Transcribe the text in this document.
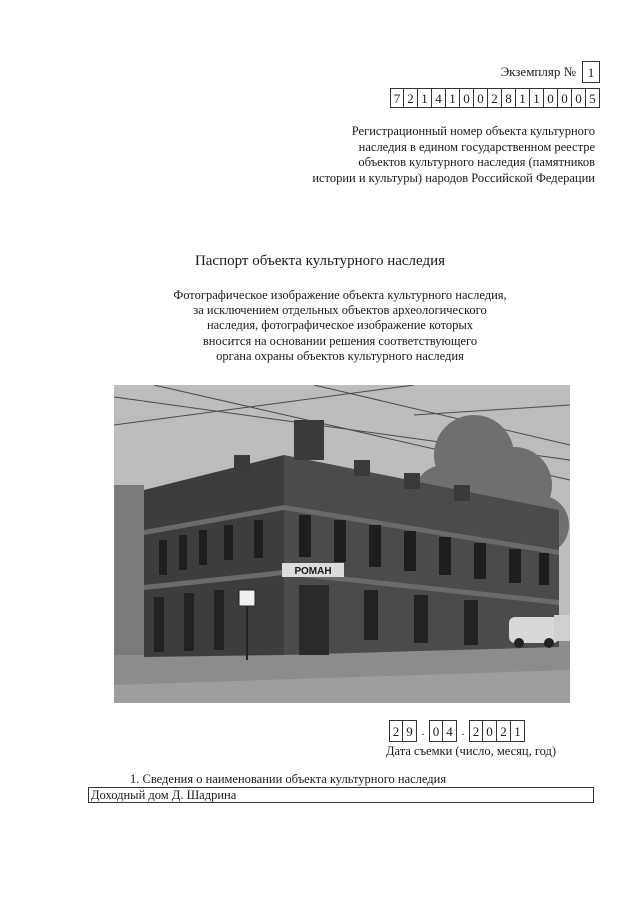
Экземпляр № 1
7 2 1 4 1 0 0 2 8 1 1 0 0 0 5
Регистрационный номер объекта культурного
наследия в едином государственном реестре
объектов культурного наследия (памятников
истории и культуры) народов Российской Федерации
Паспорт объекта культурного наследия
Фотографическое изображение объекта культурного наследия,
за исключением отдельных объектов археологического
наследия, фотографическое изображение которых
вносится на основании решения соответствующего
органа охраны объектов культурного наследия
РОМАН
2 9 . 0 4 . 2 0 2 1
Дата съемки (число, месяц, год)
1. Сведения о наименовании объекта культурного наследия
Доходный дом Д. Шадрина
